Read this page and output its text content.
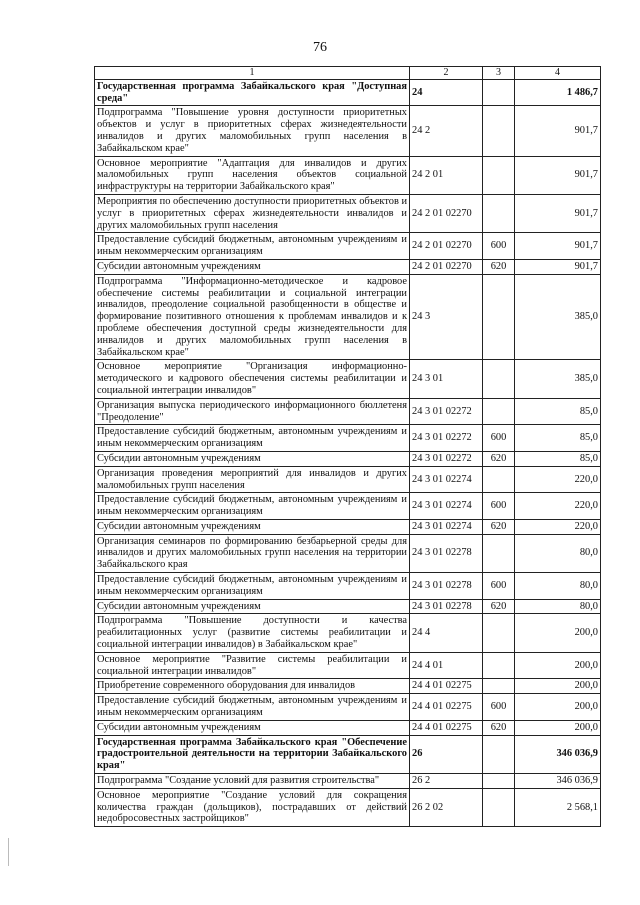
76
1	2	3	4
Государственная программа Забайкальского края "Доступная среда"	24		1 486,7
Подпрограмма "Повышение уровня доступности приоритетных объектов и услуг в приоритетных сферах жизнедеятельности инвалидов и других маломобильных групп населения в Забайкальском крае"	24 2		901,7
Основное мероприятие "Адаптация для инвалидов и других маломобильных групп населения объектов социальной инфраструктуры на территории Забайкальского края"	24 2 01		901,7
Мероприятия по обеспечению доступности приоритетных объектов и услуг в приоритетных сферах жизнедеятельности инвалидов и других маломобильных групп населения	24 2 01 02270		901,7
Предоставление субсидий бюджетным, автономным учреждениям и иным некоммерческим организациям	24 2 01 02270	600	901,7
Субсидии автономным учреждениям	24 2 01 02270	620	901,7
Подпрограмма "Информационно-методическое и кадровое обеспечение системы реабилитации и социальной интеграции инвалидов, преодоление социальной разобщенности в обществе и формирование позитивного отношения к проблемам инвалидов и к проблеме обеспечения доступной среды жизнедеятельности для инвалидов и других маломобильных групп населения в Забайкальском крае"	24 3		385,0
Основное мероприятие "Организация информационно-методического и кадрового обеспечения системы реабилитации и социальной интеграции инвалидов"	24 3 01		385,0
Организация выпуска периодического информационного бюллетеня "Преодоление"	24 3 01 02272		85,0
Предоставление субсидий бюджетным, автономным учреждениям и иным некоммерческим организациям	24 3 01 02272	600	85,0
Субсидии автономным учреждениям	24 3 01 02272	620	85,0
Организация проведения мероприятий для инвалидов и других маломобильных групп населения	24 3 01 02274		220,0
Предоставление субсидий бюджетным, автономным учреждениям и иным некоммерческим организациям	24 3 01 02274	600	220,0
Субсидии автономным учреждениям	24 3 01 02274	620	220,0
Организация семинаров по формированию безбарьерной среды для инвалидов и других маломобильных групп населения на территории Забайкальского края	24 3 01 02278		80,0
Предоставление субсидий бюджетным, автономным учреждениям и иным некоммерческим организациям	24 3 01 02278	600	80,0
Субсидии автономным учреждениям	24 3 01 02278	620	80,0
Подпрограмма "Повышение доступности и качества реабилитационных услуг (развитие системы реабилитации и социальной интеграции инвалидов) в Забайкальском крае"	24 4		200,0
Основное мероприятие "Развитие системы реабилитации и социальной интеграции инвалидов"	24 4 01		200,0
Приобретение современного оборудования для инвалидов	24 4 01 02275		200,0
Предоставление субсидий бюджетным, автономным учреждениям и иным некоммерческим организациям	24 4 01 02275	600	200,0
Субсидии автономным учреждениям	24 4 01 02275	620	200,0
Государственная программа Забайкальского края "Обеспечение градостроительной деятельности на территории Забайкальского края"	26		346 036,9
Подпрограмма "Создание условий для развития строительства"	26 2		346 036,9
Основное мероприятие "Создание условий для сокращения количества граждан (дольщиков), пострадавших от действий недобросовестных застройщиков"	26 2 02		2 568,1
